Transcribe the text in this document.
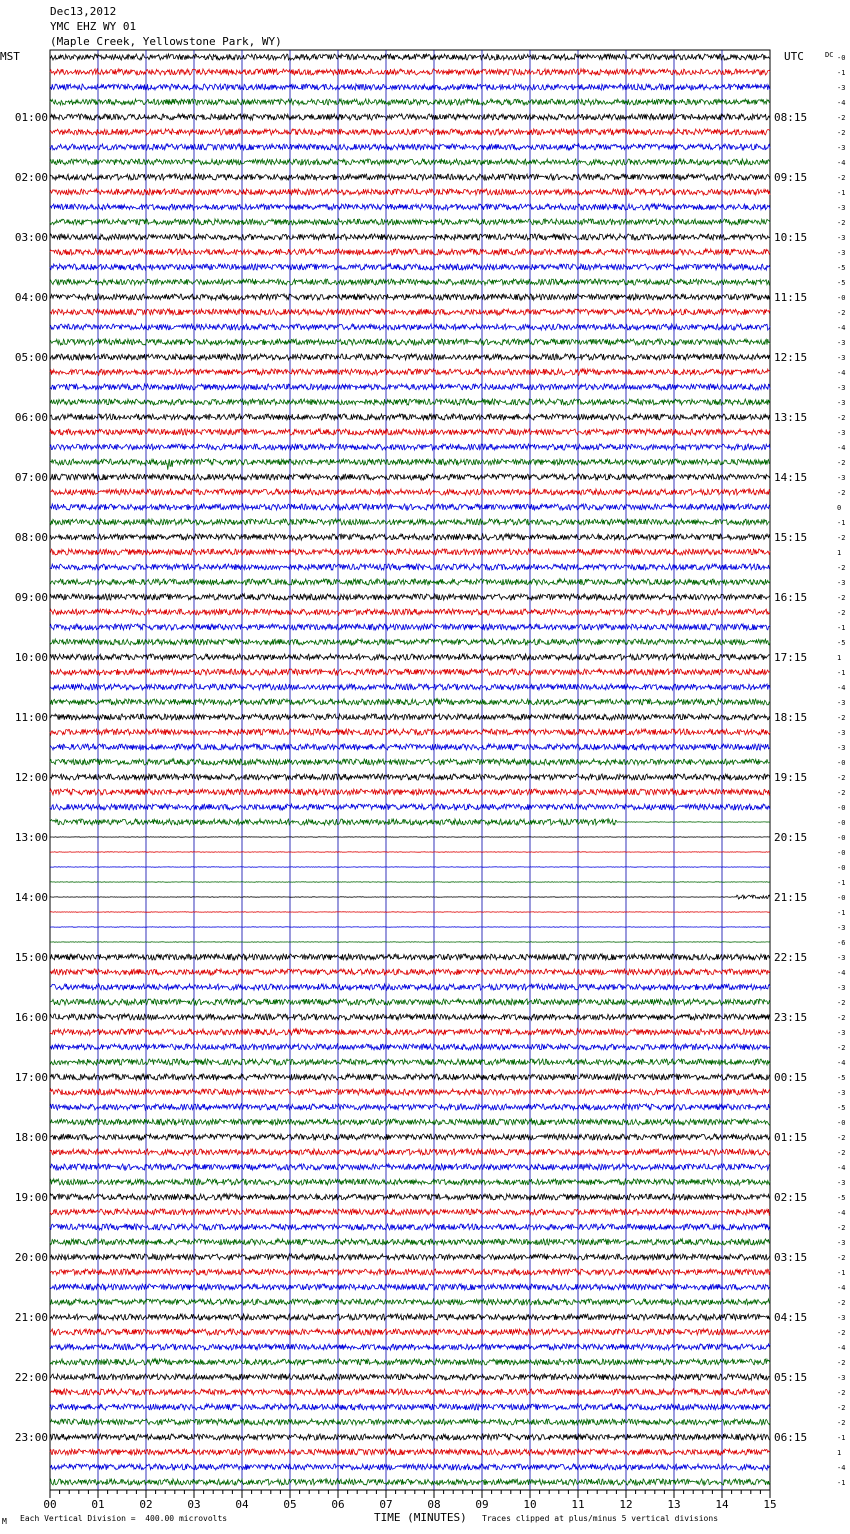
Dec13,2012
YMC EHZ WY 01
(Maple Creek, Yellowstone Park, WY)
MST	UTC
00	01	02	03	04	05	06	07	08	09	10	11	12	13	14	15
01:00	08:15
02:00	09:15
03:00	10:15
04:00	11:15
05:00	12:15
06:00	13:15
07:00	14:15
08:00	15:15
09:00	16:15
10:00	17:15
11:00	18:15
12:00	19:15
13:00	20:15
14:00	21:15
15:00	22:15
16:00	23:15
17:00	00:15
18:00	01:15
19:00	02:15
20:00	03:15
21:00	04:15
22:00	05:15
23:00	06:15
DC -0
-1
-3
-4
-2
-2
-3
-4
-2
-1
-3
-2
-3
-3
-5
-5
-0
-2
-4
-3
-3
-4
-3
-3
-2
-3
-4
-2
-3
-2
0
-1
-2
1
-2
-3
-2
-2
-1
-5
1
-1
-4
-3
-2
-3
-3
-0
-2
-2
-0
-0
-0
-0
-0
-1
-0
-1
-3
-6
-3
-4
-3
-2
-2
-3
-2
-4
-5
-3
-5
-0
-2
-2
-4
-3
-5
-4
-2
-3
-2
-1
-4
-2
-3
-2
-4
-2
-3
-2
-2
-2
-1
1
-4
-1
M Each Vertical Division =  400.00 microvolts	TIME (MINUTES) Traces clipped at plus/minus 5 vertical divisions
